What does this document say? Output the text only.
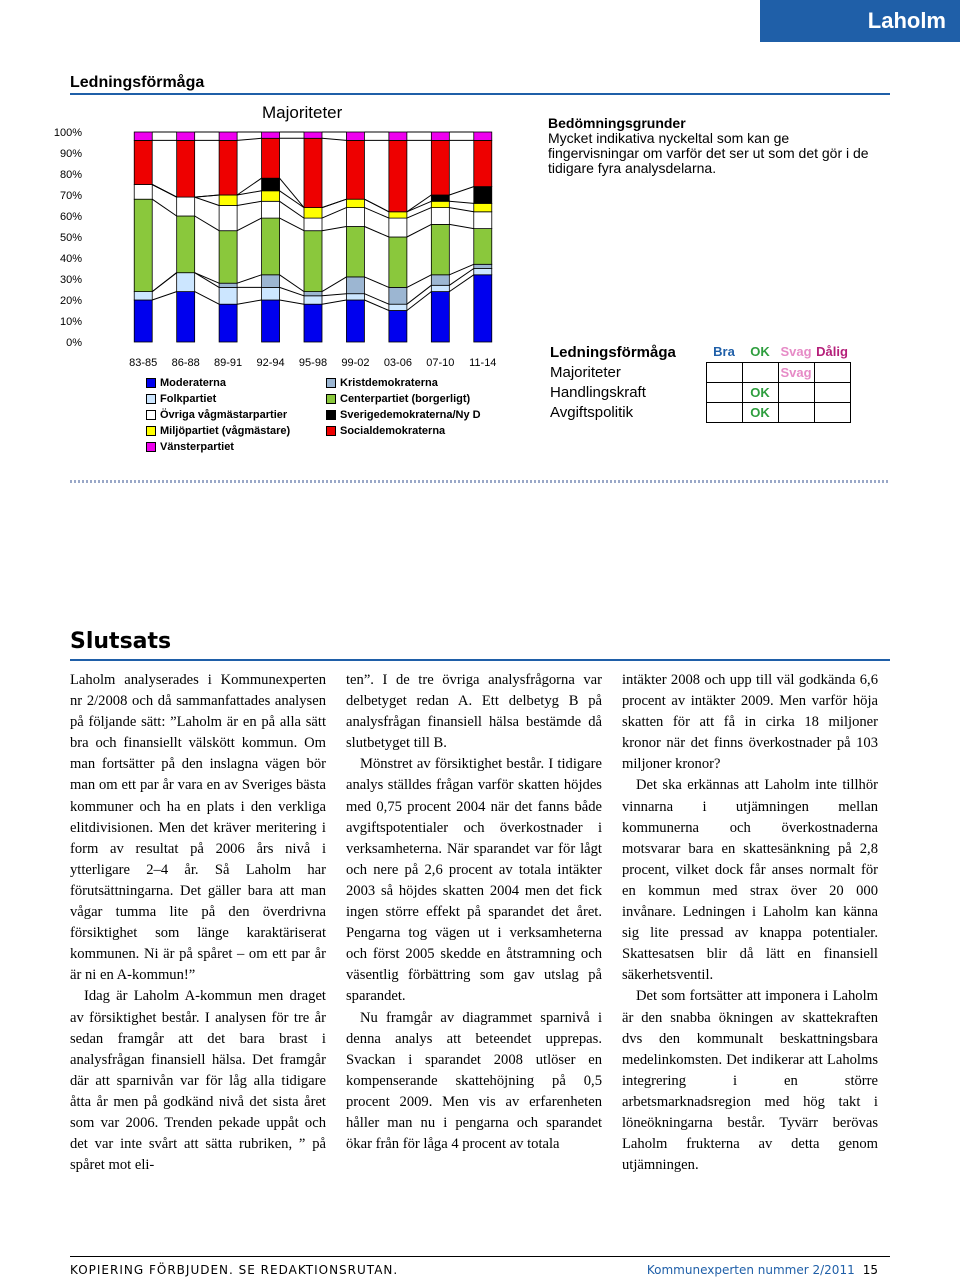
Laholm
Ledningsförmåga
Majoriteter
0%
10%
20%
30%
40%
50%
60%
70%
80%
90%
100%
83-85 86-88 89-91 92-94 95-98 99-02 03-06 07-10 11-14
Moderaterna
Folkpartiet
Övriga vågmästarpartier
Miljöpartiet (vågmästare)
Vänsterpartiet
Kristdemokraterna
Centerpartiet (borgerligt)
Sverigedemokraterna/Ny D
Socialdemokraterna
Bedömningsgrunder
Mycket indikativa nyckeltal som kan ge fingervisningar om varför det ser ut som det gör i de tidigare fyra analysdelarna.
Ledningsförmåga	Bra	OK	Svag	Dålig
Majoriteter			Svag	
Handlingskraft		OK		
Avgiftspolitik		OK		
Slutsats

Laholm analyserades i Kommunexperten nr 2/2008 och då sammanfattades analysen på följande sätt: ”Laholm är en på alla sätt bra och finansiellt välskött kommun. Om man fortsätter på den inslagna vägen bör man om ett par år vara en av Sveriges bästa kommuner och ha en plats i den verkliga elitdivisionen. Men det kräver meritering i form av resultat på 2006 års nivå i ytterligare 2–4 år. Så Laholm har förutsättningarna. Det gäller bara att man vågar tumma lite på den överdrivna försiktighet som länge karaktäriserat kommunen. Ni är på spåret – om ett par år är ni en A-kommun!”

Idag är Laholm A-kommun men draget av försiktighet består. I analysen för tre år sedan framgår att det bara brast i analysfrågan finansiell hälsa. Det framgår där att sparnivån var för låg alla tidigare åtta år men på godkänd nivå det sista året som var 2006. Trenden pekade uppåt och det var inte svårt att sätta rubriken, ” på spåret mot eli-

ten”. I de tre övriga analysfrågorna var delbetyget redan A. Ett delbetyg B på analysfrågan finansiell hälsa bestämde då slutbetyget till B.

Mönstret av försiktighet består. I tidigare analys ställdes frågan varför skatten höjdes med 0,75 procent 2004 när det fanns både avgiftspotentialer och överkostnader i verksamheterna. När sparandet var för lågt och nere på 2,6 procent av totala intäkter 2003 så höjdes skatten 2004 men det fick ingen större effekt på sparandet det året. Pengarna tog vägen ut i verksamheterna och först 2005 skedde en åtstramning och väsentlig förbättring som gav utslag på sparandet.

Nu framgår av diagrammet sparnivå i denna analys att beteendet upprepas. Svackan i sparandet 2008 utlöser en kompenserande skattehöjning på 0,5 procent 2009. Men vis av erfarenheten håller man nu i pengarna och sparandet ökar från för låga 4 procent av totala

intäkter 2008 och upp till väl godkända 6,6 procent av intäkter 2009. Men varför höja skatten för att få in cirka 18 miljoner kronor när det finns överkostnader på 103 miljoner kronor?

Det ska erkännas att Laholm inte tillhör vinnarna i utjämningen mellan kommunerna och överkostnaderna motsvarar bara en skattesänkning på 2,8 procent, vilket dock får anses normalt för en kommun med strax över 20 000 invånare. Ledningen i Laholm kan känna sig lite pressad av knappa potentialer. Skattesatsen blir då lätt en finansiell säkerhetsventil.

Det som fortsätter att imponera i Laholm är den snabba ökningen av skattekraften dvs den kommunalt beskattningsbara medelinkomsten. Det indikerar att Laholms integrering i en större arbetsmarknadsregion med hög takt i löneökningarna består. Tyvärr berövas Laholm frukterna av detta genom utjämningen.

KOPIERING FÖRBJUDEN. SE REDAKTIONSRUTAN.	Kommunexperten nummer 2/2011 15
